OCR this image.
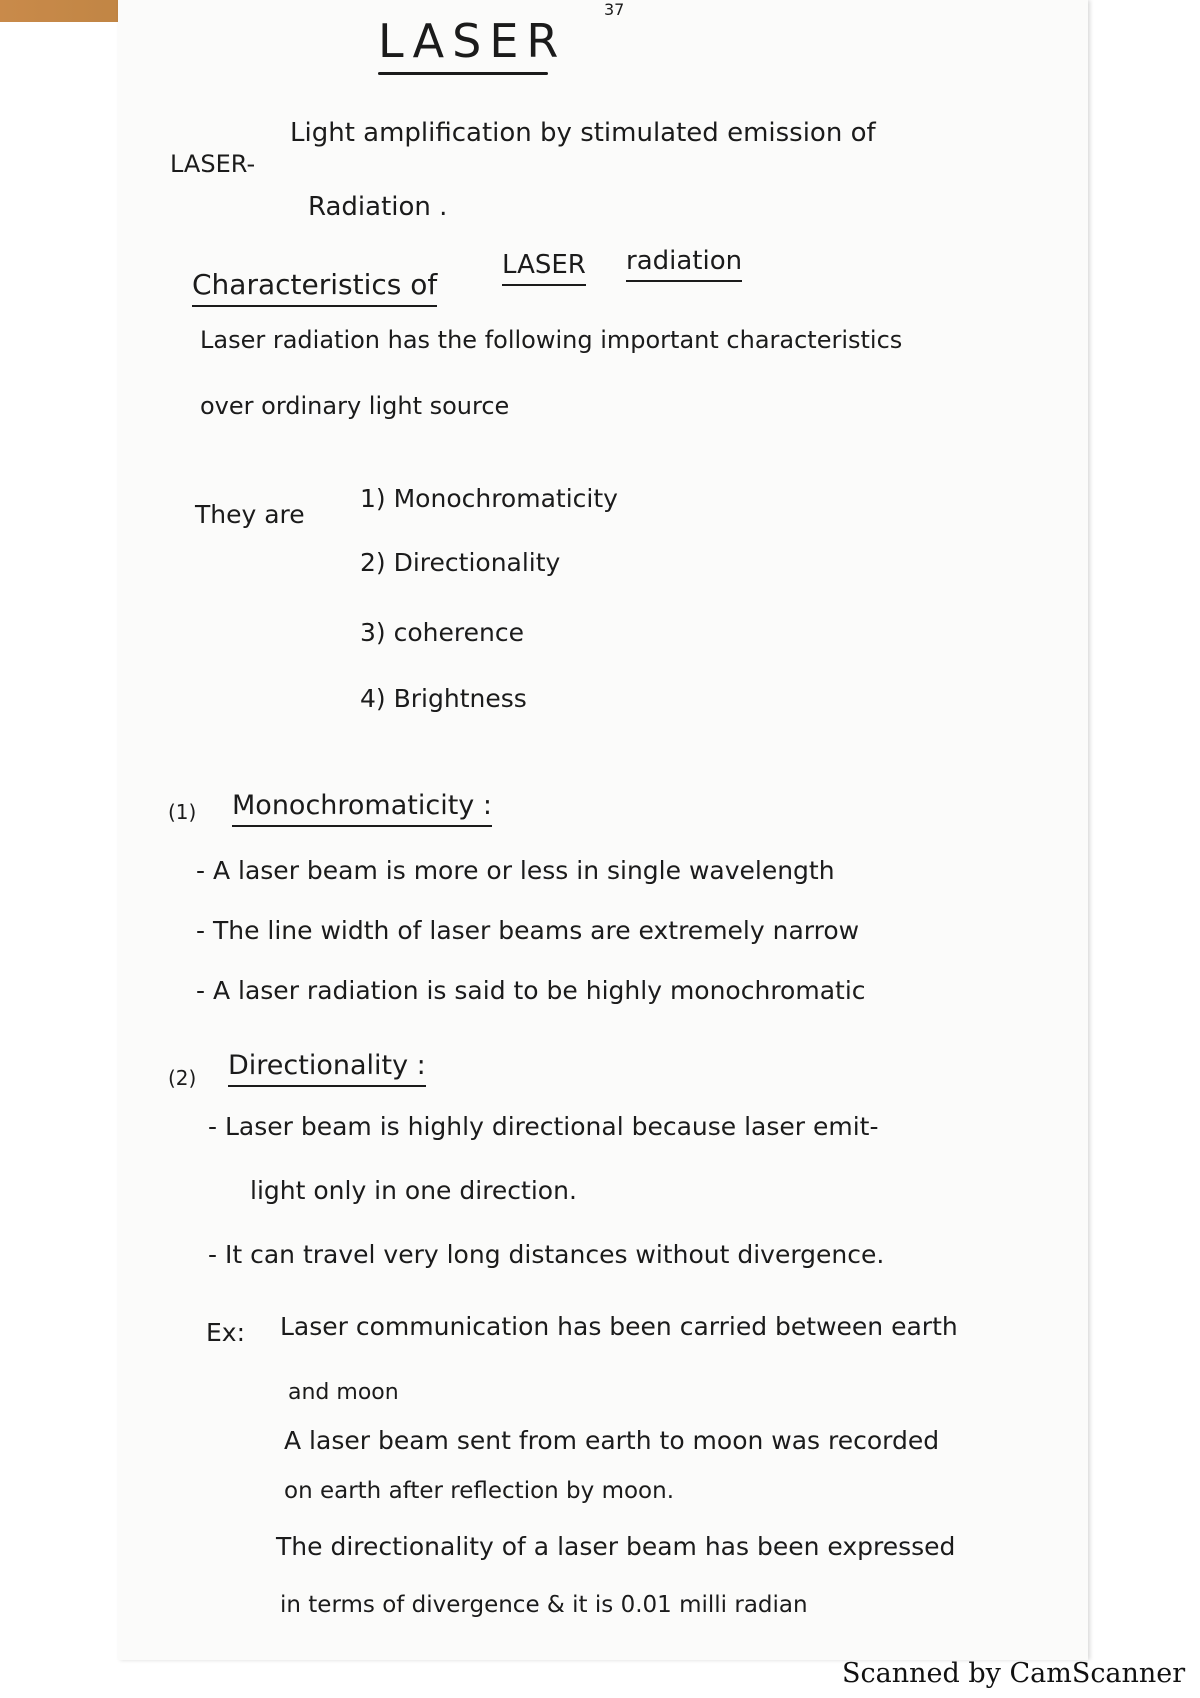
37
LASER
LASER-
Light amplification by stimulated emission of
Radiation .
Characteristics of
LASER radiation
Laser radiation has the following important characteristics
over ordinary light source
They are
1) Monochromaticity
2) Directionality
3) coherence
4) Brightness
(1) Monochromaticity :
- A laser beam is more or less in single wavelength
- The line width of laser beams are extremely narrow
- A laser radiation is said to be highly monochromatic
(2) Directionality :
- Laser beam is highly directional because laser emit-
light only in one direction.
- It can travel very long distances without divergence.
Ex: Laser communication has been carried between earth
and moon
A laser beam sent from earth to moon was recorded
on earth after reflection by moon.
The directionality of a laser beam has been expressed
in terms of divergence & it is 0.01 milli radian
Scanned by CamScanner
